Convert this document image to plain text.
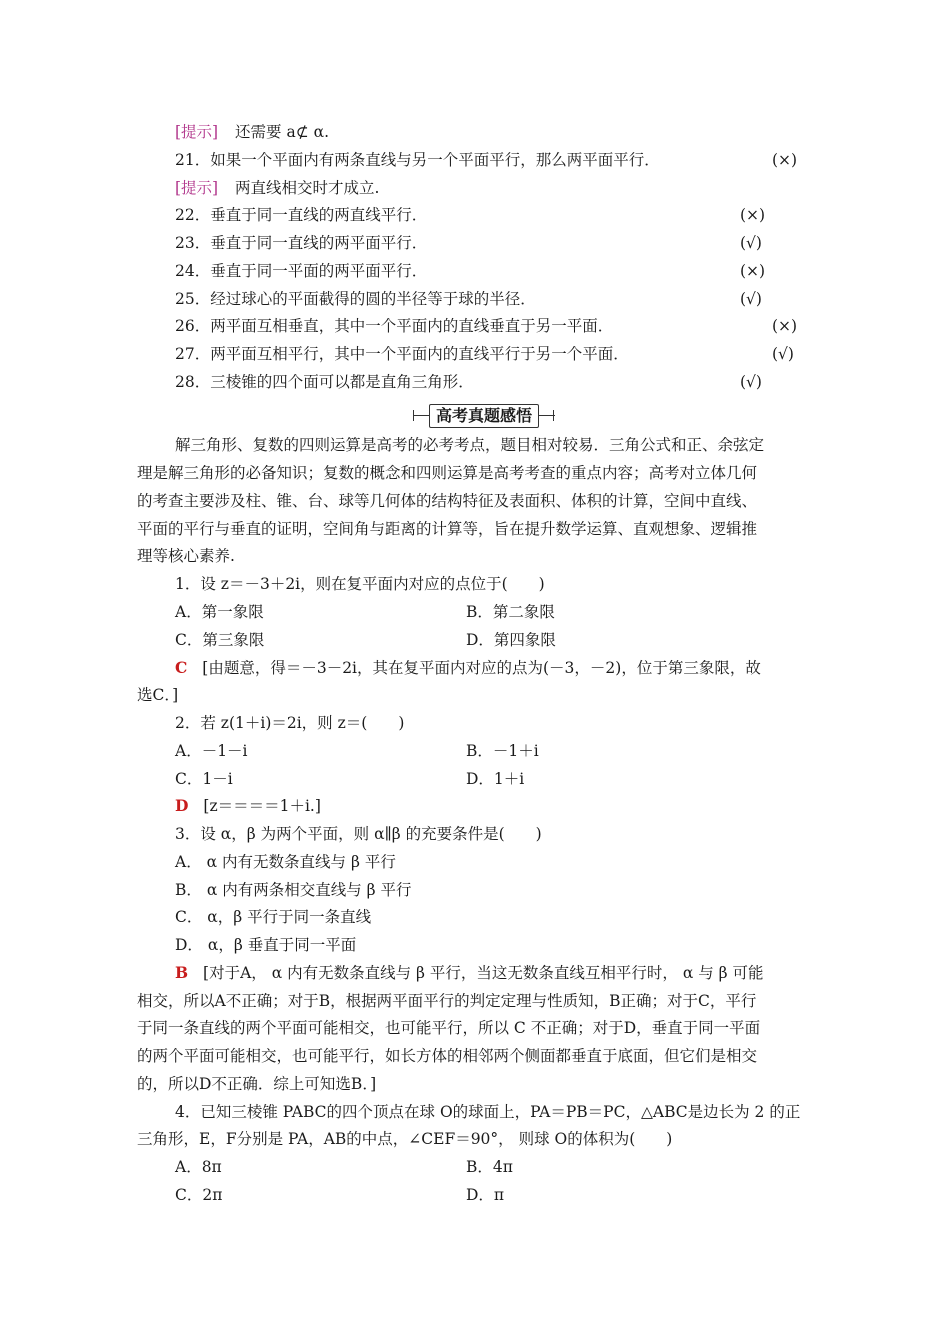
[提示] 还需要 a⊄ α.
21．如果一个平面内有两条直线与另一个平面平行，那么两平面平行．	(×)
[提示] 两直线相交时才成立.
22．垂直于同一直线的两直线平行．	(×)
23．垂直于同一直线的两平面平行．	(√)
24．垂直于同一平面的两平面平行．	(×)
25．经过球心的平面截得的圆的半径等于球的半径．	(√)
26．两平面互相垂直，其中一个平面内的直线垂直于另一平面．	(×)
27．两平面互相平行，其中一个平面内的直线平行于另一个平面．	(√)
28．三棱锥的四个面可以都是直角三角形．	(√)
高考真题感悟
解三角形、复数的四则运算是高考的必考考点，题目相对较易．三角公式和正、余弦定
理是解三角形的必备知识；复数的概念和四则运算是高考考查的重点内容；高考对立体几何
的考查主要涉及柱、锥、台、球等几何体的结构特征及表面积、体积的计算，空间中直线、
平面的平行与垂直的证明，空间角与距离的计算等，旨在提升数学运算、直观想象、逻辑推
理等核心素养.
1．设 z＝－3＋2i，则在复平面内对应的点位于(　　)
A．第一象限	B．第二象限
C．第三象限	D．第四象限
C [由题意，得＝－3－2i，其在复平面内对应的点为(－3，－2)，位于第三象限，故
选C．]
2．若 z(1＋i)＝2i，则 z＝(　　)
A．－1－i	B．－1＋i
C．1－i	D．1＋i
D [z＝＝＝＝1＋i.]
3．设 α，β 为两个平面，则 α∥β 的充要条件是(　　)
A． α 内有无数条直线与 β 平行
B． α 内有两条相交直线与 β 平行
C． α，β 平行于同一条直线
D． α，β 垂直于同一平面
B [对于A， α 内有无数条直线与 β 平行，当这无数条直线互相平行时， α 与 β 可能
相交，所以A不正确；对于B，根据两平面平行的判定定理与性质知，B正确；对于C，平行
于同一条直线的两个平面可能相交，也可能平行，所以 C 不正确；对于D，垂直于同一平面
的两个平面可能相交，也可能平行，如长方体的相邻两个侧面都垂直于底面，但它们是相交
的，所以D不正确．综上可知选B．]
4．已知三棱锥 PABC的四个顶点在球 O的球面上，PA＝PB＝PC，△ABC是边长为 2 的正
三角形，E，F分别是 PA，AB的中点，∠CEF＝90°， 则球 O的体积为(　　)
A．8π	B．4π
C．2π	D．π
